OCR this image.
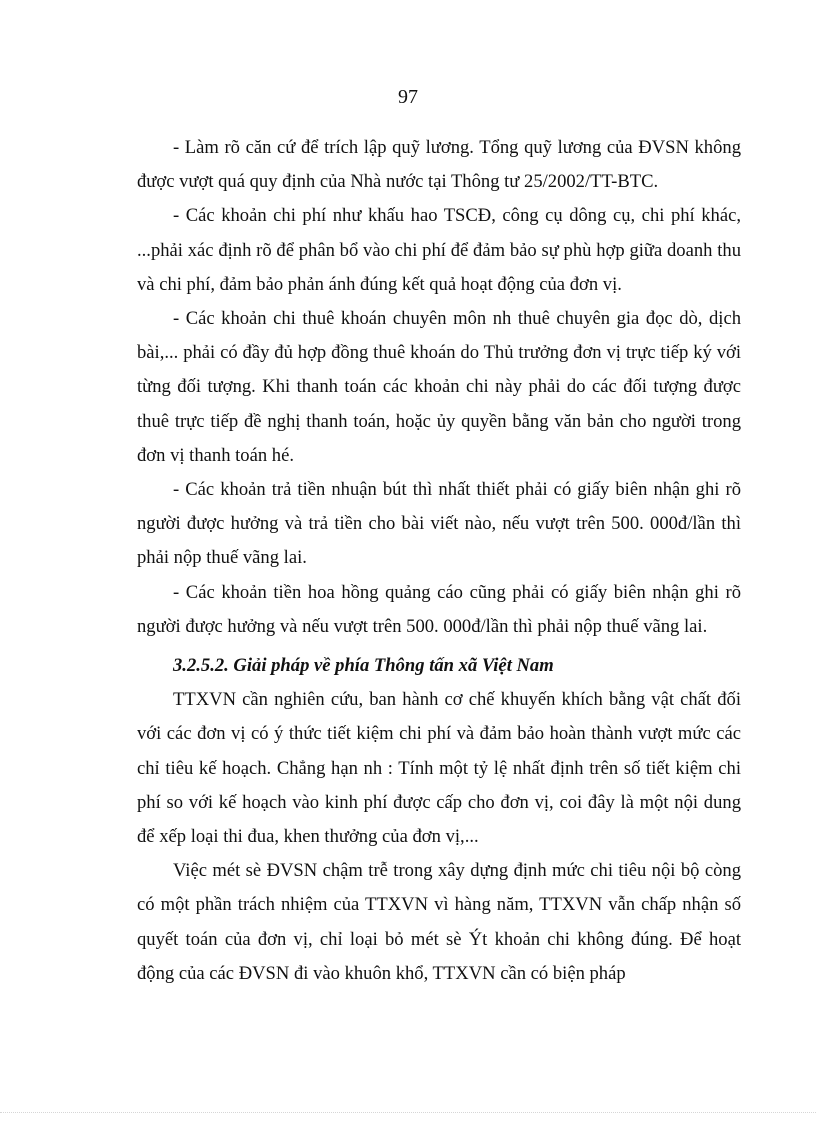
97

- Làm rõ căn cứ để trích lập quỹ lương. Tổng quỹ lương của ĐVSN không được vượt quá quy định của Nhà nước tại Thông tư 25/2002/TT-BTC.

- Các khoản chi phí như khấu hao TSCĐ, công cụ dông cụ, chi phí khác, ...phải xác định rõ để phân bổ vào chi phí để đảm bảo sự phù hợp giữa doanh thu và chi phí, đảm bảo phản ánh đúng kết quả hoạt động của đơn vị.

- Các khoản chi thuê khoán chuyên môn nh thuê chuyên gia đọc dò, dịch bài,... phải có đầy đủ hợp đồng thuê khoán do Thủ trưởng đơn vị trực tiếp ký với từng đối tượng. Khi thanh toán các khoản chi này phải do các đối tượng được thuê trực tiếp đề nghị thanh toán, hoặc ủy quyền bằng văn bản cho người trong đơn vị thanh toán hé.

- Các khoản trả tiền nhuận bút thì nhất thiết phải có giấy biên nhận ghi rõ người được hưởng và trả tiền cho bài viết nào, nếu vượt trên 500. 000đ/lần thì phải nộp thuế vãng lai.

- Các khoản tiền hoa hồng quảng cáo cũng phải có giấy biên nhận ghi rõ người được hưởng và nếu vượt trên 500. 000đ/lần thì phải nộp thuế vãng lai.

3.2.5.2. Giải pháp về phía Thông tấn xã Việt Nam

TTXVN cần nghiên cứu, ban hành cơ chế khuyến khích bằng vật chất đối với các đơn vị có ý thức tiết kiệm chi phí và đảm bảo hoàn thành vượt mức các chỉ tiêu kế hoạch. Chẳng hạn nh : Tính một tỷ lệ nhất định trên số tiết kiệm chi phí so với kế hoạch vào kinh phí được cấp cho đơn vị, coi đây là một nội dung để xếp loại thi đua, khen thưởng của đơn vị,...

Việc mét sè ĐVSN chậm trễ trong xây dựng định mức chi tiêu nội bộ còng có một phần trách nhiệm của TTXVN vì hàng năm, TTXVN vẫn chấp nhận số quyết toán của đơn vị, chỉ loại bỏ mét sè Ýt khoản chi không đúng. Để hoạt động của các ĐVSN đi vào khuôn khổ, TTXVN cần có biện pháp
